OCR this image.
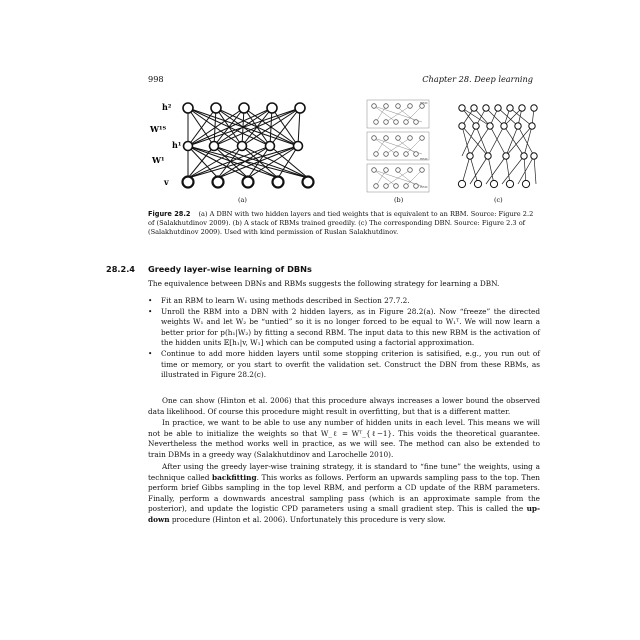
998	Chapter 28. Deep learning
h²
W¹ᵀ
h¹
W¹
v
(a)
RBM
RBM
RBM
(b)	(c)
Figure 28.2 (a) A DBN with two hidden layers and tied weights that is equivalent to an RBM. Source: Figure 2.2 of (Salakhutdinov 2009). (b) A stack of RBMs trained greedily. (c) The corresponding DBN. Source: Figure 2.3 of (Salakhutdinov 2009). Used with kind permission of Ruslan Salakhutdinov.
28.2.4 Greedy layer-wise learning of DBNs
The equivalence between DBNs and RBMs suggests the following strategy for learning a DBN.
• Fit an RBM to learn W₁ using methods described in Section 27.7.2.
• Unroll the RBM into a DBN with 2 hidden layers, as in Figure 28.2(a). Now “freeze” the directed weights W₁ and let W₂ be “untied” so it is no longer forced to be equal to W₁ᵀ. We will now learn a better prior for p(h₁|W₂) by fitting a second RBM. The input data to this new RBM is the activation of the hidden units 𝔼[h₁|v, W₁] which can be computed using a factorial approximation.
• Continue to add more hidden layers until some stopping criterion is satisified, e.g., you run out of time or memory, or you start to overfit the validation set. Construct the DBN from these RBMs, as illustrated in Figure 28.2(c).
One can show (Hinton et al. 2006) that this procedure always increases a lower bound the observed data likelihood. Of course this procedure might result in overfitting, but that is a different matter.
In practice, we want to be able to use any number of hidden units in each level. This means we will not be able to initialize the weights so that W_ℓ = Wᵀ_{ℓ−1}. This voids the theoretical guarantee. Nevertheless the method works well in practice, as we will see. The method can also be extended to train DBMs in a greedy way (Salakhutdinov and Larochelle 2010).
After using the greedy layer-wise training strategy, it is standard to “fine tune” the weights, using a technique called backfitting. This works as follows. Perform an upwards sampling pass to the top. Then perform brief Gibbs sampling in the top level RBM, and perform a CD update of the RBM parameters. Finally, perform a downwards ancestral sampling pass (which is an approximate sample from the posterior), and update the logistic CPD parameters using a small gradient step. This is called the up-down procedure (Hinton et al. 2006). Unfortunately this procedure is very slow.
